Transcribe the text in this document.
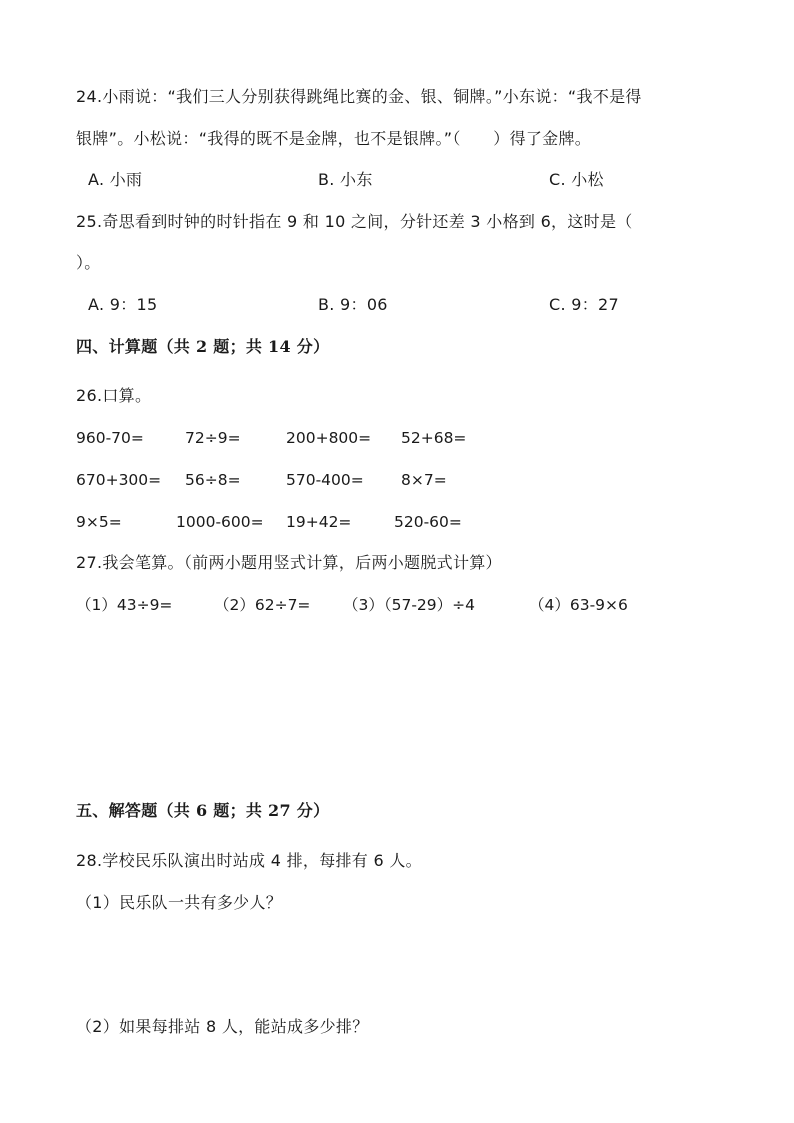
24.小雨说：“我们三人分别获得跳绳比赛的金、银、铜牌。”小东说：“我不是得
银牌”。小松说：“我得的既不是金牌，也不是银牌。”（　　）得了金牌。
A. 小雨	B. 小东	C. 小松
25.奇思看到时钟的时针指在 9 和 10 之间，分针还差 3 小格到 6，这时是（
）。
A. 9：15	B. 9：06	C. 9：27
四、计算题（共 2 题；共 14 分）
26.口算。
960-70=	72÷9=	200+800= 52+68=
670+300= 56÷8=	570-400= 8×7=
9×5=	1000-600= 19+42=	520-60=
27.我会笔算。（前两小题用竖式计算，后两小题脱式计算）
（1）43÷9=	（2）62÷7= （3）（57-29）÷4	（4）63-9×6
五、解答题（共 6 题；共 27 分）
28.学校民乐队演出时站成 4 排，每排有 6 人。
（1）民乐队一共有多少人？
（2）如果每排站 8 人，能站成多少排？
